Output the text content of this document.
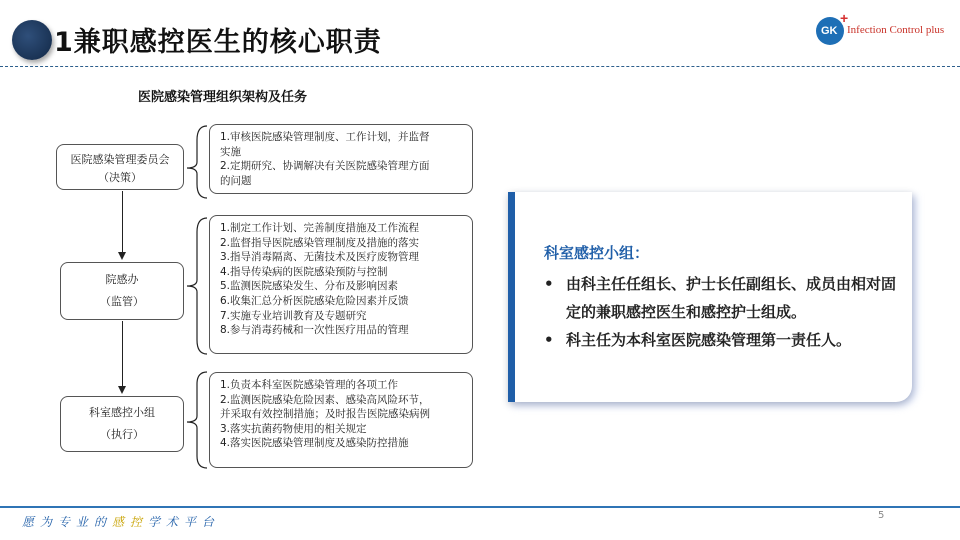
1兼职感控医生的核心职责	GK
+
Infection Control plus
医院感染管理组织架构及任务
医院感染管理委员会
（决策）
院感办
（监管）
科室感控小组
（执行）
1.审核医院感染管理制度、工作计划，并监督
实施
2.定期研究、协调解决有关医院感染管理方面
的问题
1.制定工作计划、完善制度措施及工作流程
2.监督指导医院感染管理制度及措施的落实
3.指导消毒隔离、无菌技术及医疗废物管理
4.指导传染病的医院感染预防与控制
5.监测医院感染发生、分布及影响因素
6.收集汇总分析医院感染危险因素并反馈
7.实施专业培训教育及专题研究
8.参与消毒药械和一次性医疗用品的管理
1.负责本科室医院感染管理的各项工作
2.监测医院感染危险因素、感染高风险环节，
并采取有效控制措施；及时报告医院感染病例
3.落实抗菌药物使用的相关规定
4.落实医院感染管理制度及感染防控措施
科室感控小组：
• 由科主任任组长、护士长任副组长、成员由相对固定的兼职感控医生和感控护士组成。
• 科主任为本科室医院感染管理第一责任人。
愿为专业的感控学术平台	5
